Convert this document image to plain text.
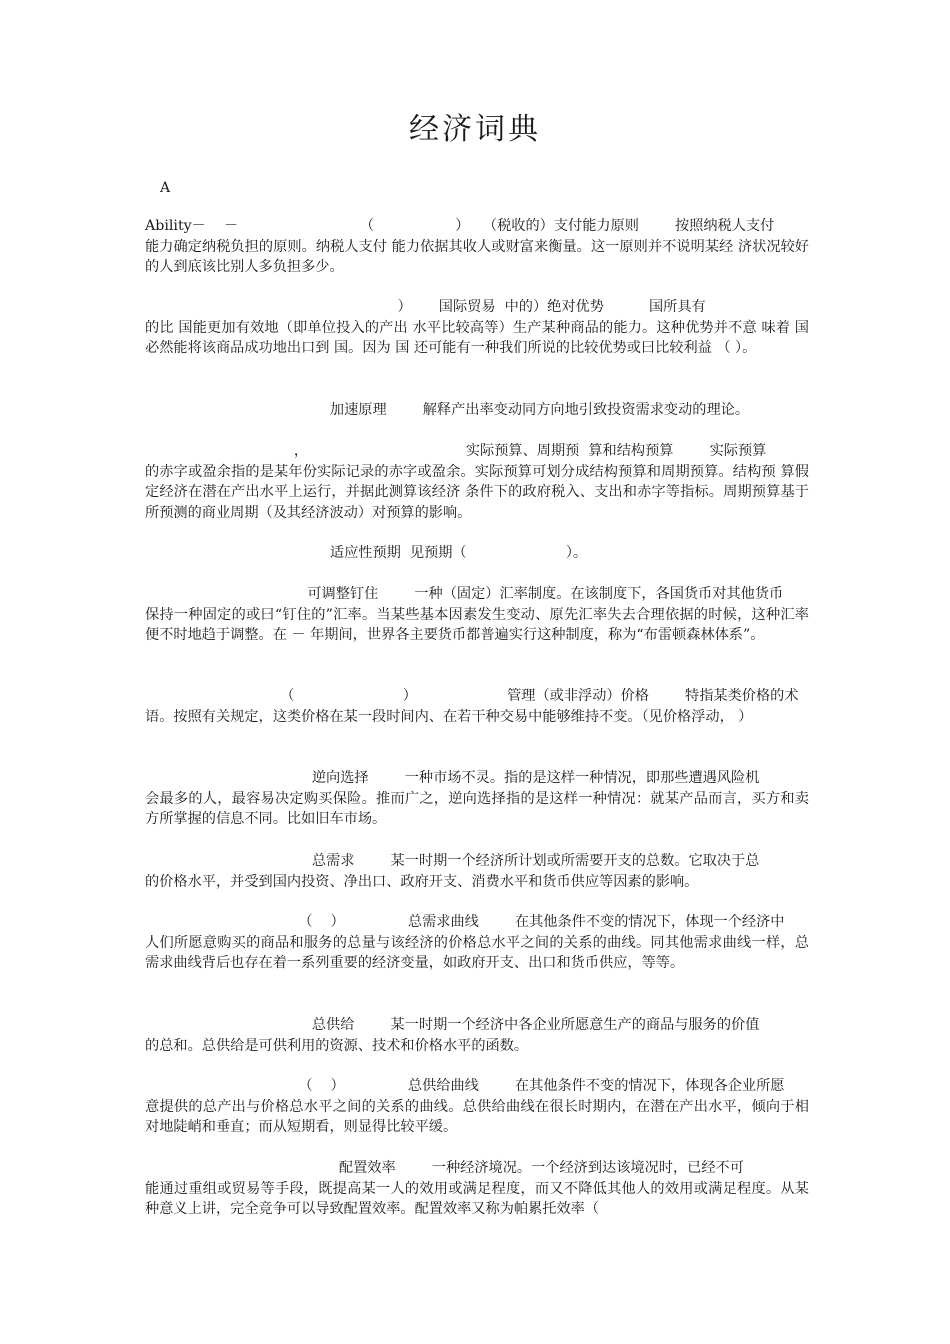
经济词典
A

Ability－    －                           （                  ）   （税收的）支付能力原则        按照纳税人支付

能力确定纳税负担的原则。纳税人支付 能力依据其收人或财富来衡量。这一原则并不说明某经 济状况较好的人到底该比别人多负担多少。

）      国际贸易  中的）绝对优势          国所具有

的比 国能更加有效地（即单位投入的产出 水平比较高等）生产某种商品的能力。这种优势并不意 味着 国必然能将该商品成功地出口到 国。因为 国 还可能有一种我们所说的比较优势或曰比较利益 （ ）。

加速原理        解释产出率变动同方向地引致投资需求变动的理论。

，                                   实际预算、周期预  算和结构预算        实际预算

的赤字或盈余指的是某年份实际记录的赤字或盈余。实际预算可划分成结构预算和周期预算。结构预 算假定经济在潜在产出水平上运行，并据此测算该经济 条件下的政府税入、支出和赤字等指标。周期预算基于 所预测的商业周期（及其经济波动）对预算的影响。

适应性预期  见预期（                      ）。

可调整钉住        一种（固定）汇率制度。在该制度下，各国货币对其他货币

保持一种固定的或曰“钉住的”汇率。当某些基本因素发生变动、原先汇率失去合理依据的时候，这种汇率便不时地趋于调整。在 － 年期间，世界各主要货币都普遍实行这种制度，称为“布雷顿森林体系”。

（                        ）                    管理（或非浮动）价格        特指某类价格的术

语。按照有关规定，这类价格在某一段时间内、在若干种交易中能够维持不变。（见价格浮动， ）

逆向选择        一种市场不灵。指的是这样一种情况，即那些遭遇风险机

会最多的人，最容易决定购买保险。推而广之，逆向选择指的是这样一种情况：就某产品而言，买方和卖方所掌握的信息不同。比如旧车市场。

总需求        某一时期一个经济所计划或所需要开支的总数。它取决于总

的价格水平，并受到国内投资、净出口、政府开支、消费水平和货币供应等因素的影响。

（    ）              总需求曲线        在其他条件不变的情况下，体现一个经济中

人们所愿意购买的商品和服务的总量与该经济的价格总水平之间的关系的曲线。同其他需求曲线一样，总需求曲线背后也存在着一系列重要的经济变量，如政府开支、出口和货币供应，等等。

总供给        某一时期一个经济中各企业所愿意生产的商品与服务的价值

的总和。总供给是可供利用的资源、技术和价格水平的函数。

（    ）              总供给曲线        在其他条件不变的情况下，体现各企业所愿

意提供的总产出与价格总水平之间的关系的曲线。总供给曲线在很长时期内，在潜在产出水平，倾向于相对地陡峭和垂直；而从短期看，则显得比较平缓。

配置效率        一种经济境况。一个经济到达该境况时，已经不可

能通过重组或贸易等手段，既提高某一人的效用或满足程度，而又不降低其他人的效用或满足程度。从某种意义上讲，完全竞争可以导致配置效率。配置效率又称为帕累托效率（
